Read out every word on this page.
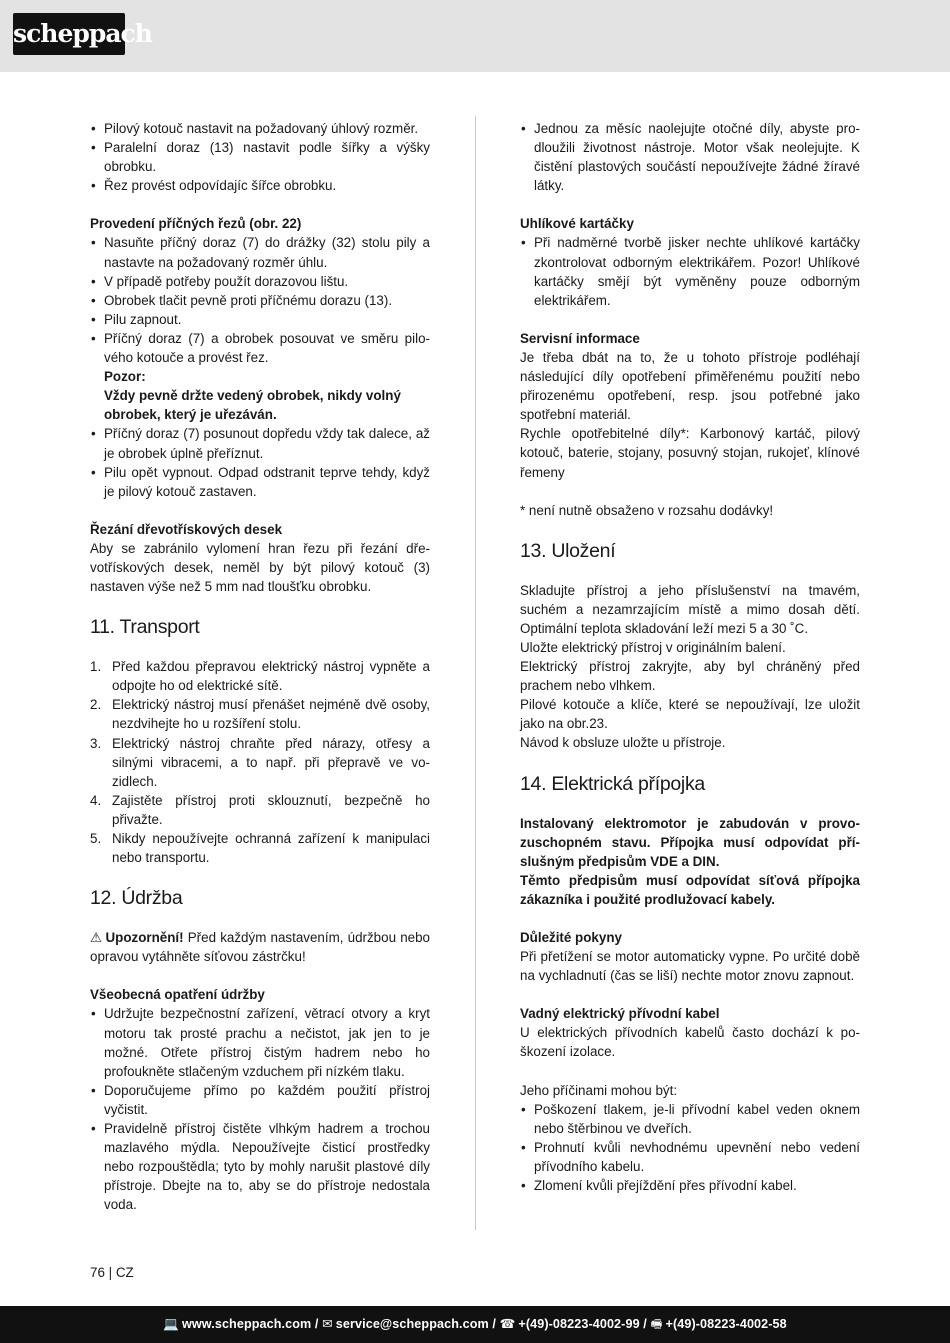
scheppach
• Pilový kotouč nastavit na požadovaný úhlový rozměr.
• Paralelní doraz (13) nastavit podle šířky a výšky obrobku.
• Řez provést odpovídajíc šířce obrobku.
Provedení příčných řezů (obr. 22)
• Nasuňte příčný doraz (7) do drážky (32) stolu pily a nastavte na požadovaný rozměr úhlu.
• V případě potřeby použít dorazovou lištu.
• Obrobek tlačit pevně proti příčnému dorazu (13).
• Pilu zapnout.
• Příčný doraz (7) a obrobek posouvat ve směru pilového kotouče a provést řez.
Pozor:
Vždy pevně držte vedený obrobek, nikdy volný obrobek, který je uřezáván.
• Příčný doraz (7) posunout dopředu vždy tak dalece, až je obrobek úplně přeříznut.
• Pilu opět vypnout. Odpad odstranit teprve tehdy, když je pilový kotouč zastaven.
Řezání dřevotřískových desek

Aby se zabránilo vylomení hran řezu při řezání dřevotřískových desek, neměl by být pilový kotouč (3) nastaven výše než 5 mm nad tloušťku obrobku.

11. Transport
1. Před každou přepravou elektrický nástroj vypněte a odpojte ho od elektrické sítě.
2. Elektrický nástroj musí přenášet nejméně dvě osoby, nezdvihejte ho u rozšíření stolu.
3. Elektrický nástroj chraňte před nárazy, otřesy a silnými vibracemi, a to např. při přepravě ve vozidlech.
4. Zajistěte přístroj proti sklouznutí, bezpečně ho přivažte.
5. Nikdy nepoužívejte ochranná zařízení k manipulaci nebo transportu.
12. Údržba

⚠ Upozornění! Před každým nastavením, údržbou nebo opravou vytáhněte síťovou zástrčku!

Všeobecná opatření údržby
• Udržujte bezpečnostní zařízení, větrací otvory a kryt motoru tak prosté prachu a nečistot, jak jen to je možné. Otřete přístroj čistým hadrem nebo ho profoukněte stlačeným vzduchem při nízkém tlaku.
• Doporučujeme přímo po každém použití přístroj vyčistit.
• Pravidelně přístroj čistěte vlhkým hadrem a trochou mazlavého mýdla. Nepoužívejte čisticí prostředky nebo rozpouštědla; tyto by mohly narušit plastové díly přístroje. Dbejte na to, aby se do přístroje nedostala voda.
• Jednou za měsíc naolejujte otočné díly, abyste prodloužili životnost nástroje. Motor však neolejujte. K čistění plastových součástí nepoužívejte žádné žíravé látky.
Uhlíkové kartáčky
• Při nadměrné tvorbě jisker nechte uhlíkové kartáčky zkontrolovat odborným elektrikářem. Pozor! Uhlíkové kartáčky smějí být vyměněny pouze odborným elektrikářem.
Servisní informace

Je třeba dbát na to, že u tohoto přístroje podléhají následující díly opotřebení přiměřenému použití nebo přirozenému opotřebení, resp. jsou potřebné jako spotřební materiál.

Rychle opotřebitelné díly*: Karbonový kartáč, pilový kotouč, baterie, stojany, posuvný stojan, rukojeť, klínové řemeny

* není nutně obsaženo v rozsahu dodávky!

13. Uložení

Skladujte přístroj a jeho příslušenství na tmavém, suchém a nezamrzajícím místě a mimo dosah dětí. Optimální teplota skladování leží mezi 5 a 30 ˚C.

Uložte elektrický přístroj v originálním balení.

Elektrický přístroj zakryjte, aby byl chráněný před prachem nebo vlhkem.

Pilové kotouče a klíče, které se nepoužívají, lze uložit jako na obr.23.

Návod k obsluze uložte u přístroje.

14. Elektrická přípojka

Instalovaný elektromotor je zabudován v provozuschopném stavu. Přípojka musí odpovídat příslušným předpisům VDE a DIN.

Těmto předpisům musí odpovídat síťová přípojka zákazníka i použité prodlužovací kabely.

Důležité pokyny

Při přetížení se motor automaticky vypne. Po určité době na vychladnutí (čas se liší) nechte motor znovu zapnout.

Vadný elektrický přívodní kabel

U elektrických přívodních kabelů často dochází k poškození izolace.

Jeho příčinami mohou být:

• Poškození tlakem, je-li přívodní kabel veden oknem nebo štěrbinou ve dveřích.
• Prohnutí kvůli nevhodnému upevnění nebo vedení přívodního kabelu.
• Zlomení kvůli přejíždění přes přívodní kabel.
76 | CZ
💻 www.scheppach.com / ✉ service@scheppach.com / ☎ +(49)-08223-4002-99 / 🖷 +(49)-08223-4002-58
